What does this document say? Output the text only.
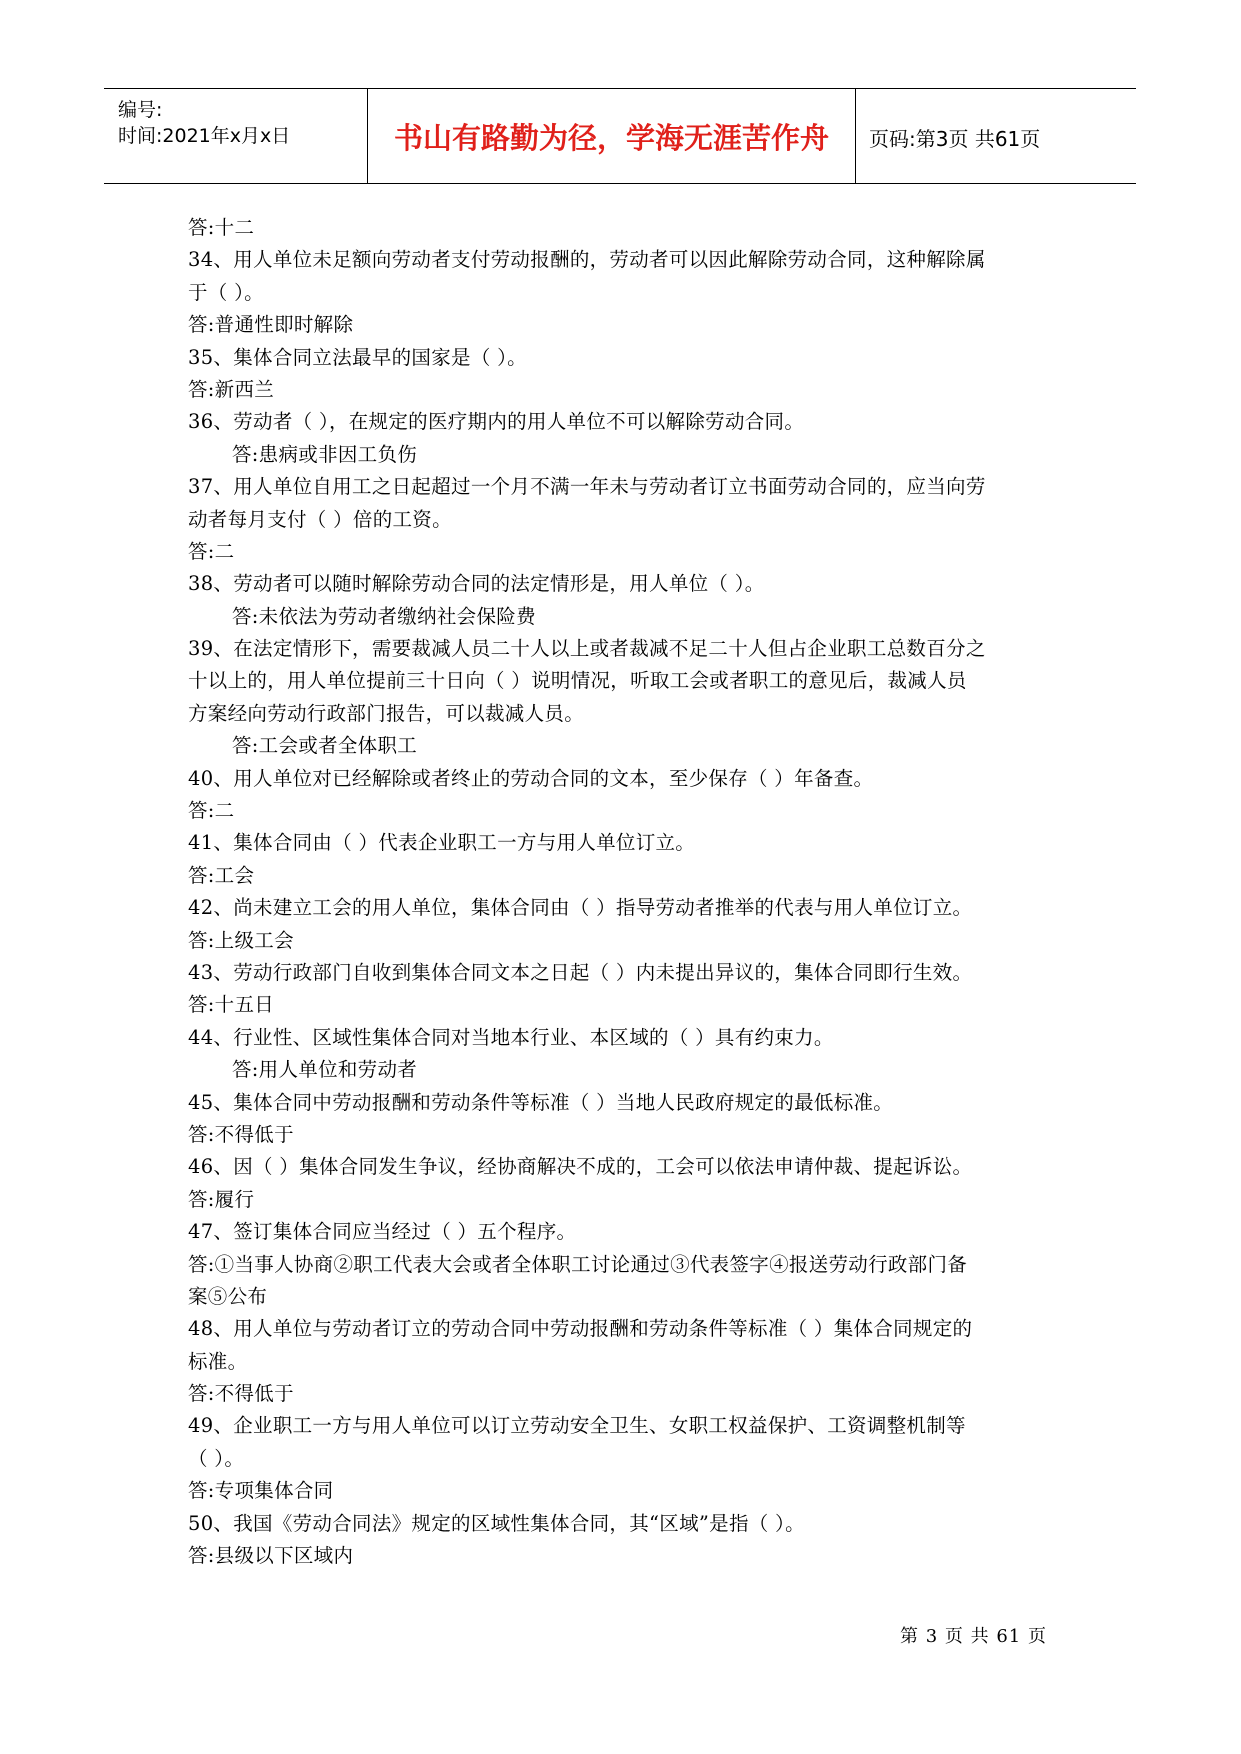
编号:
时间:2021年x月x日	书山有路勤为径，学海无涯苦作舟	页码:第3页 共61页
答:十二
34、用人单位未足额向劳动者支付劳动报酬的，劳动者可以因此解除劳动合同，这种解除属
于（ ）。
答:普通性即时解除
35、集体合同立法最早的国家是（ ）。
答:新西兰
36、劳动者（ ），在规定的医疗期内的用人单位不可以解除劳动合同。
答:患病或非因工负伤
37、用人单位自用工之日起超过一个月不满一年未与劳动者订立书面劳动合同的，应当向劳
动者每月支付（ ）倍的工资。
答:二
38、劳动者可以随时解除劳动合同的法定情形是，用人单位（ ）。
答:未依法为劳动者缴纳社会保险费
39、在法定情形下，需要裁减人员二十人以上或者裁减不足二十人但占企业职工总数百分之
十以上的，用人单位提前三十日向（ ）说明情况，听取工会或者职工的意见后，裁减人员
方案经向劳动行政部门报告，可以裁减人员。
答:工会或者全体职工
40、用人单位对已经解除或者终止的劳动合同的文本，至少保存（ ）年备查。
答:二
41、集体合同由（ ）代表企业职工一方与用人单位订立。
答:工会
42、尚未建立工会的用人单位，集体合同由（ ）指导劳动者推举的代表与用人单位订立。
答:上级工会
43、劳动行政部门自收到集体合同文本之日起（ ）内未提出异议的，集体合同即行生效。
答:十五日
44、行业性、区域性集体合同对当地本行业、本区域的（ ）具有约束力。
答:用人单位和劳动者
45、集体合同中劳动报酬和劳动条件等标准（ ）当地人民政府规定的最低标准。
答:不得低于
46、因（ ）集体合同发生争议，经协商解决不成的，工会可以依法申请仲裁、提起诉讼。
答:履行
47、签订集体合同应当经过（ ）五个程序。
答:①当事人协商②职工代表大会或者全体职工讨论通过③代表签字④报送劳动行政部门备
案⑤公布
48、用人单位与劳动者订立的劳动合同中劳动报酬和劳动条件等标准（ ）集体合同规定的
标准。
答:不得低于
49、企业职工一方与用人单位可以订立劳动安全卫生、女职工权益保护、工资调整机制等
（ ）。
答:专项集体合同
50、我国《劳动合同法》规定的区域性集体合同，其“区域”是指（ ）。
答:县级以下区域内
第 3 页 共 61 页
